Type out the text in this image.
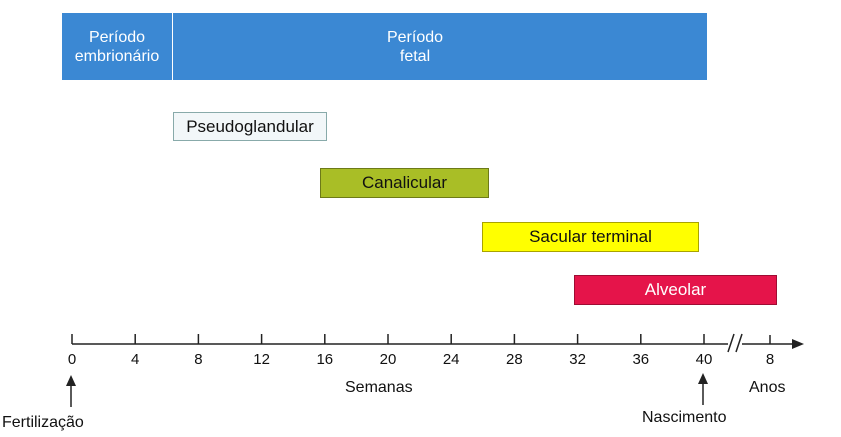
Período
embrionário
Período
fetal
Pseudoglandular
Canalicular
Sacular terminal
Alveolar
0	4	8	12	16	20	24	28	32	36	40	8
Semanas	Anos
Fertilização	Nascimento
